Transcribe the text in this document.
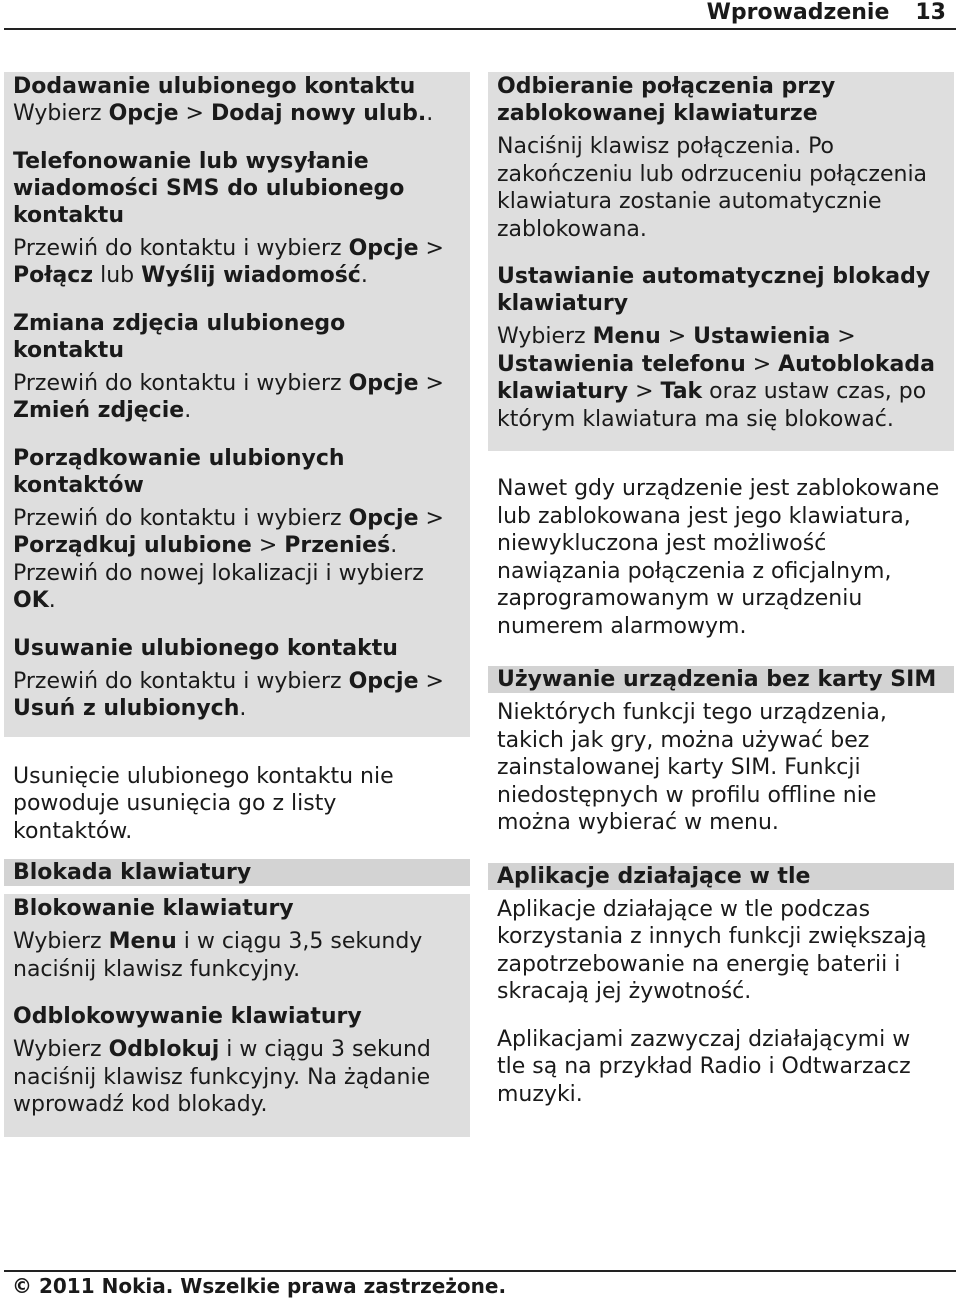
Wprowadzenie 13
Dodawanie ulubionego kontaktu

Wybierz Opcje > Dodaj nowy ulub..

Telefonowanie lub wysyłanie wiadomości SMS do ulubionego kontaktu

Przewiń do kontaktu i wybierz Opcje > Połącz lub Wyślij wiadomość.

Zmiana zdjęcia ulubionego kontaktu

Przewiń do kontaktu i wybierz Opcje > Zmień zdjęcie.

Porządkowanie ulubionych kontaktów

Przewiń do kontaktu i wybierz Opcje > Porządkuj ulubione > Przenieś. Przewiń do nowej lokalizacji i wybierz OK.

Usuwanie ulubionego kontaktu

Przewiń do kontaktu i wybierz Opcje > Usuń z ulubionych.

Usunięcie ulubionego kontaktu nie powoduje usunięcia go z listy kontaktów.

Blokada klawiatury
Blokowanie klawiatury

Wybierz Menu i w ciągu 3,5 sekundy naciśnij klawisz funkcyjny.

Odblokowywanie klawiatury

Wybierz Odblokuj i w ciągu 3 sekund naciśnij klawisz funkcyjny. Na żądanie wprowadź kod blokady.

Odbieranie połączenia przy zablokowanej klawiaturze

Naciśnij klawisz połączenia. Po zakończeniu lub odrzuceniu połączenia klawiatura zostanie automatycznie zablokowana.

Ustawianie automatycznej blokady klawiatury

Wybierz Menu > Ustawienia > Ustawienia telefonu > Autoblokada klawiatury > Tak oraz ustaw czas, po którym klawiatura ma się blokować.

Nawet gdy urządzenie jest zablokowane lub zablokowana jest jego klawiatura, niewykluczona jest możliwość nawiązania połączenia z oficjalnym, zaprogramowanym w urządzeniu numerem alarmowym.

Używanie urządzenia bez karty SIM

Niektórych funkcji tego urządzenia, takich jak gry, można używać bez zainstalowanej karty SIM. Funkcji niedostępnych w profilu offline nie można wybierać w menu.

Aplikacje działające w tle

Aplikacje działające w tle podczas korzystania z innych funkcji zwiększają zapotrzebowanie na energię baterii i skracają jej żywotność.

Aplikacjami zazwyczaj działającymi w tle są na przykład Radio i Odtwarzacz muzyki.

© 2011 Nokia. Wszelkie prawa zastrzeżone.
